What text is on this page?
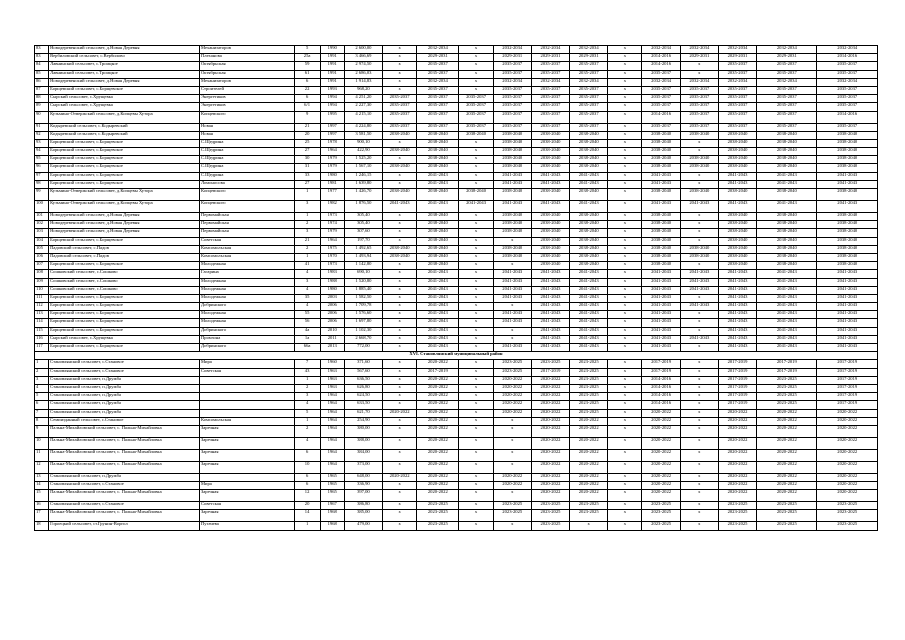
83	Новодеревенский сельсовет, д.Новая Деревня	Механизаторов	5	1990	2 600,00	х	2032-2034	х	2032-2034	2032-2034	2032-2034	х	2032-2034	2032-2034	2032-2034	2032-2034	2032-2034
83	Вербиловский сельсовет, с.Вербилово	Плеханова	25а	1991	3 466,69	х	2029-2031	х	2029-2031	2029-2031	2029-2031	х	2014-2016	2029-2031	2029-2031	2029-2031	2014-2016
84	Лавнинский сельсовет, с.Троицкое	Октябрьская	59	1991	2 974,50	х	2035-2037	х	2035-2037	2035-2037	2035-2037	х	2014-2016	х	2035-2037	2035-2037	2035-2037
85	Лавнинский сельсовет, с.Троицкое	Октябрьская	61	1991	2 686,03	х	2035-2037	х	2035-2037	2035-2037	2035-2037	х	2035-2037	х	2035-2037	2035-2037	2035-2037
86	Новодеревенский сельсовет, д.Новая Деревня	Механизаторов	6	1991	1 914,83	х	2032-2034	х	2032-2034	2032-2034	2032-2034	х	2032-2034	2032-2034	2032-2034	2032-2034	2032-2034
87	Борщевский сельсовет, с.Борщевское	Строителей	22	1993	968,20	х	2035-2037	х	2035-2037	2035-2037	2035-2037	х	2035-2037	2035-2037	2035-2037	2035-2037	2035-2037
88	Сырский сельсовет, с.Хрущевка	Энергетиков	6	1994	4 251,20	2035-2037	2035-2037	2035-2037	2035-2037	2035-2037	2035-2037	х	2035-2037	2035-2037	2035-2037	2035-2037	2035-2037
89	Сырский сельсовет, с.Хрущевка	Энергетиков	6/1	1994	2 227,30	2035-2037	2035-2037	2035-2037	2035-2037	2035-2037	2035-2037	х	2035-2037	2035-2037	2035-2037	2035-2037	2035-2037
90	Кузьмино-Отвержский сельсовет, д.Копцевы Хутора	Копцевского	9	1995	4 215,10	2035-2037	2035-2037	2035-2037	2035-2037	2035-2037	2035-2037	х	2014-2016	2035-2037	2035-2037	2035-2037	2014-2016
91	Кодыревский сельсовет, с.Кодыревский	Новая	21	1997	4 224,80	2035-2037	2035-2037	2035-2037	2035-2037	2035-2037	2035-2037	х	2035-2037	2035-2037	2035-2037	2035-2037	2035-2037
92	Кодыревский сельсовет, с.Кодыревский	Новая	20	1997	3 581,50	2038-2040	2038-2040	2038-2040	2038-2040	2038-2040	2038-2040	х	2038-2040	2038-2040	2038-2040	2038-2040	2038-2040
93	Борщевский сельсовет, с.Борщевское	С.Щедрина	25	1978	900,10	х	2038-2040	х	2038-2040	2038-2040	2038-2040	х	2038-2040	х	2038-2040	2038-2040	2038-2040
94	Борщевский сельсовет, с.Борщевское	С.Щедрина	27	1964	422,90	2038-2040	2038-2040	х	2038-2040	2038-2040	2038-2040	х	2038-2040	х	2038-2040	2038-2040	2038-2040
95	Борщевский сельсовет, с.Борщевское	С.Щедрина	30	1979	1 525,20	х	2038-2040	х	2038-2040	2038-2040	2038-2040	х	2038-2040	2038-2040	2038-2040	2038-2040	2038-2040
96	Борщевский сельсовет, с.Борщевское	С.Щедрина	31	1979	1 567,10	2038-2040	2038-2040	х	2038-2040	2038-2040	2038-2040	х	2038-2040	2038-2040	2038-2040	2038-2040	2038-2040
97	Борщевский сельсовет, с.Борщевское	С.Щедрина	33	1980	1 246,15	х	2041-2043	х	2041-2043	2041-2043	2041-2043	х	2041-2043	х	2041-2043	2041-2043	2041-2043
98	Борщевский сельсовет, с.Борщевское	Ломоносова	27	1981	1 639,80	х	2041-2043	х	2041-2043	2041-2043	2041-2043	х	2041-2043	х	2041-2043	2041-2043	2041-2043
99	Кузьмино-Отвержский сельсовет, д.Копцевы Хутора	Копцевского	1	1977	1 426,70	2038-2040	2038-2040	2038-2040	2038-2040	2038-2040	2038-2040	х	2038-2040	2038-2040	2038-2040	2038-2040	2038-2040
100	Кузьмино-Отвержский сельсовет, д.Копцевы Хутора	Копцевского	3	1982	1 876,50	2041-2043	2041-2043	2041-2043	2041-2043	2041-2043	2041-2043	х	2041-2043	2041-2043	2041-2043	2041-2043	2041-2043
101	Новодеревенский сельсовет, д.Новая Деревня	Первомайская	1	1973	305,40	х	2038-2040	х	2038-2040	2038-2040	2038-2040	х	2038-2040	х	2038-2040	2038-2040	2038-2040
102	Новодеревенский сельсовет, д.Новая Деревня	Первомайская	2	1974	305,40	х	2038-2040	х	2038-2040	2038-2040	2038-2040	х	2038-2040	х	2038-2040	2038-2040	2038-2040
103	Новодеревенский сельсовет, д.Новая Деревня	Первомайская	3	1979	307,60	х	2038-2040	х	2038-2040	2038-2040	2038-2040	х	2038-2040	х	2038-2040	2038-2040	2038-2040
104	Борщевский сельсовет, с.Борщевское	Советская	21	1964	197,70	х	2038-2040	х	х	2038-2040	2038-2040	х	2038-2040	х	2038-2040	2038-2040	2038-2040
105	Падовский сельсовет, с.Падов	Комсомольская	2	1975	1 492,65	2038-2040	2038-2040	х	2038-2040	2038-2040	2038-2040	х	2038-2040	2038-2040	2038-2040	2038-2040	2038-2040
106	Падовский сельсовет, с.Падов	Комсомольская	1	1970	1 493,94	2038-2040	2038-2040	х	2038-2040	2038-2040	2038-2040	х	2038-2040	2038-2040	2038-2040	2038-2040	2038-2040
107	Борщевский сельсовет, с.Борщевское	Молодежная	41	1973	1 142,80	х	2038-2040	х	х	2038-2040	2038-2040	х	2038-2040	х	2038-2040	2038-2040	2038-2040
108	Сошковский сельсовет, с.Сошково	Гагарина	4	1983	690,10	х	2041-2043	х	2041-2043	2041-2043	2041-2043	х	2041-2043	2041-2043	2041-2043	2041-2043	2041-2043
109	Сошковский сельсовет, с.Сошково	Молодежная	3	1988	1 520,80	х	2041-2043	х	2041-2043	2041-2043	2041-2043	х	2041-2043	2041-2043	2041-2043	2041-2043	2041-2043
110	Сошковский сельсовет, с.Сошково	Молодежная	4	1980	1 885,40	х	2041-2043	х	2041-2043	2041-2043	2041-2043	х	2041-2043	2041-2043	2041-2043	2041-2043	2041-2043
111	Борщевский сельсовет, с.Борщевское	Молодежная	35	2003	1 582,50	х	2041-2043	х	2041-2043	2041-2043	2041-2043	х	2041-2043	х	2041-2043	2041-2043	2041-2043
112	Борщевский сельсовет, с.Борщевское	Добринского	4	2006	1 709,78	х	2041-2043	х	х	2041-2043	2041-2043	х	2041-2043	2041-2043	2041-2043	2041-2043	2041-2043
113	Борщевский сельсовет, с.Борщевское	Молодежная	55	2006	1 576,60	х	2041-2043	х	2041-2043	2041-2043	2041-2043	х	2041-2043	х	2041-2043	2041-2043	2041-2043
114	Борщевский сельсовет, с.Борщевское	Молодежная	56	2006	1 697,80	х	2041-2043	х	2041-2043	2041-2043	2041-2043	х	2041-2043	х	2041-2043	2041-2043	2041-2043
115	Борщевский сельсовет, с.Борщевское	Добринского	4а	2010	1 102,30	х	2041-2043	х	х	2041-2043	2041-2043	х	2041-2043	х	2041-2043	2041-2043	2041-2043
116	Сырский сельсовет, с.Хрущевка	Промзона	1а	2011	2 668,70	х	2041-2043	х	х	2041-2043	2041-2043	х	2041-2043	2041-2043	2041-2043	2041-2043	2041-2043
117	Борщевский сельсовет, с.Борщевское	Добринского	66а	2013	772,00	х	2041-2043	х	2041-2043	2041-2043	2041-2043	х	2041-2043	х	2041-2043	2041-2043	2041-2043
XVI. Становлянский муниципальный район																	
1	Становлянский сельсовет, с.Становое	Мира	7	1960	371,60	х	2020-2022	х	2023-2025	2023-2025	2023-2025	х	2017-2019	х	2017-2019	2017-2019	2017-2019
2	Становлянский сельсовет, с.Становое	Советская	43	1963	567,60	х	2017-2019	х	2023-2025	2017-2019	2023-2025	х	2017-2019	х	2017-2019	2017-2019	2017-2019
3	Становлянский сельсовет, п.Дружба		1	1963	636,50	х	2020-2022	х	2020-2022	2020-2022	2023-2025	х	2014-2016	х	2017-2019	2023-2025	2017-2019
4	Становлянский сельсовет, п.Дружба		2	1963	626,80	х	2020-2022	х	2020-2022	2020-2022	2023-2025	х	2014-2016	х	2017-2019	2023-2025	2017-2019
5	Становлянский сельсовет, п.Дружба		3	1964	624,50	х	2020-2022	х	2020-2022	2020-2022	2023-2025	х	2014-2016	х	2017-2019	2023-2025	2017-2019
6	Становлянский сельсовет, п.Дружба		4	1964	633,50	х	2020-2022	х	2020-2022	2020-2022	2023-2025	х	2014-2016	х	2017-2019	2023-2025	2017-2019
7	Становлянский сельсовет, п.Дружба		5	1964	621,70	2020-2022	2020-2022	х	2020-2022	2020-2022	2023-2025	х	2020-2022	х	2020-2022	2020-2022	2020-2022
8	Семиизданный сельсовет, с.Становое	Комсомольская	1	1964	254,90	х	2020-2022	х	х	2020-2022	2020-2022	х	2020-2022	х	2020-2022	2020-2022	2020-2022
9	Пальна-Михайловский сельсовет, с. Пальна-Михайловка	Заречная	2	1964	380,00	х	2020-2022	х	х	2020-2022	2020-2022	х	2020-2022	х	2020-2022	2020-2022	2020-2022
10	Пальна-Михайловский сельсовет, с. Пальна-Михайловка	Заречная	4	1964	388,00	х	2020-2022	х	х	2020-2022	2020-2022	х	2020-2022	х	2020-2022	2020-2022	2020-2022
11	Пальна-Михайловский сельсовет, с. Пальна-Михайловка	Заречная	6	1964	384,00	х	2020-2022	х	х	2020-2022	2020-2022	х	2020-2022	х	2020-2022	2020-2022	2020-2022
12	Пальна-Михайловский сельсовет, с. Пальна-Михайловка	Заречная	10	1964	373,00	х	2020-2022	х	х	2020-2022	2020-2022	х	2020-2022	х	2020-2022	2020-2022	2020-2022
13	Становлянский сельсовет, п.Дружба		6	1965	648,00	2020-2022	2020-2022	х	2020-2022	2020-2022	2020-2022	х	2020-2022	х	2020-2022	2020-2022	2020-2022
14	Становлянский сельсовет, с.Становое	Мира	6	1965	336,90	х	2020-2022	х	2020-2022	2020-2022	2020-2022	х	2020-2022	х	2020-2022	2020-2022	2020-2022
15	Пальна-Михайловский сельсовет, с. Пальна-Михайловка	Заречная	12	1965	397,00	х	2020-2022	х	х	2020-2022	2020-2022	х	2020-2022	х	2020-2022	2020-2022	2020-2022
16	Становлянский сельсовет, с.Становое	Советская	20	1967	386,80	х	2023-2025	х	2023-2025	2023-2025	2023-2025	х	2023-2025	х	2023-2025	2023-2025	2023-2025
17	Пальна-Михайловский сельсовет, с. Пальна-Михайловка	Заречная	14	1968	385,00	х	2023-2025	х	2023-2025	2023-2025	2023-2025	х	2023-2025	х	2023-2025	2023-2025	2023-2025
18	Гороецкий сельсовет, ст.Грунин-Воргол	Пугачева	1	1968	479,00	х	2023-2025	х	х	2023-2025	х	х	2023-2025	х	2023-2025	2023-2025	2023-2025
